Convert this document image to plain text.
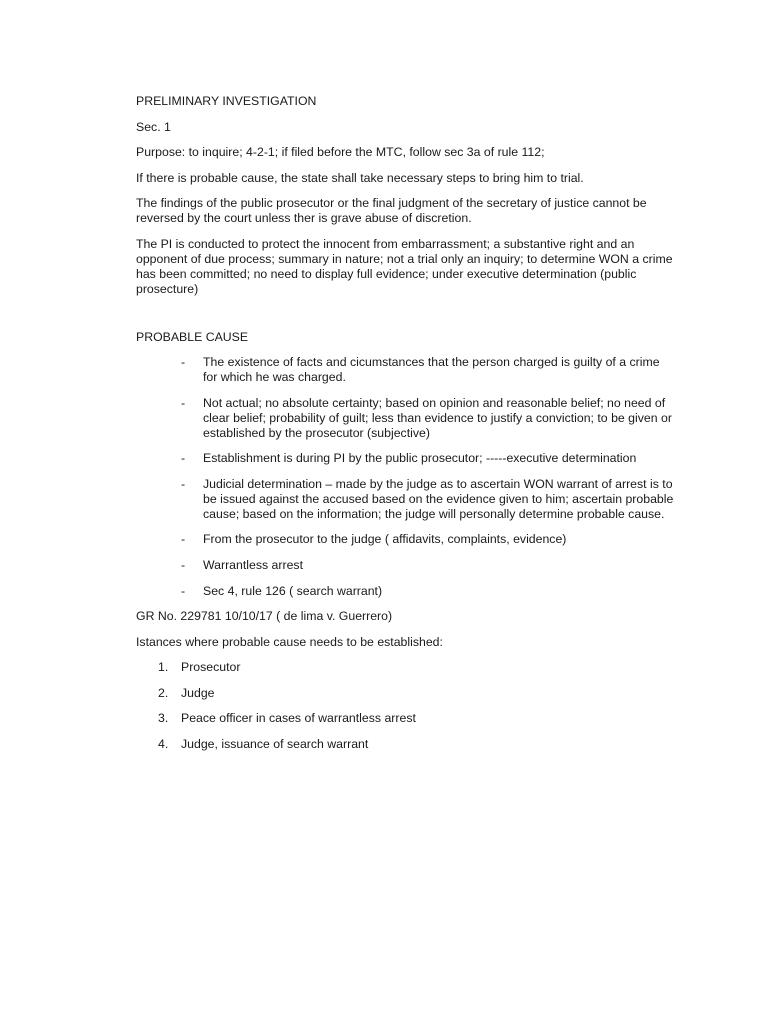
PRELIMINARY INVESTIGATION

Sec. 1

Purpose: to inquire; 4-2-1; if filed before the MTC, follow sec 3a of rule 112;

If there is probable cause, the state shall take necessary steps to bring him to trial.

The findings of the public prosecutor or the final judgment of the secretary of justice cannot be reversed by the court unless ther is grave abuse of discretion.

The PI is conducted to protect the innocent from embarrassment; a substantive right and an opponent of due process; summary in nature; not a trial only an inquiry; to determine WON a crime has been committed; no need to display full evidence; under executive determination (public prosecture)

PROBABLE CAUSE

- The existence of facts and cicumstances that the person charged is guilty of a crime for which he was charged.
- Not actual; no absolute certainty; based on opinion and reasonable belief; no need of clear belief; probability of guilt; less than evidence to justify a conviction; to be given or established by the prosecutor (subjective)
- Establishment is during PI by the public prosecutor; -----executive determination
- Judicial determination – made by the judge as to ascertain WON warrant of arrest is to be issued against the accused based on the evidence given to him; ascertain probable cause; based on the information; the judge will personally determine probable cause.
- From the prosecutor to the judge ( affidavits, complaints, evidence)
- Warrantless arrest
- Sec 4, rule 126 ( search warrant)

GR No. 229781 10/10/17 ( de lima v. Guerrero)

Istances where probable cause needs to be established:

1. Prosecutor
2. Judge
3. Peace officer in cases of warrantless arrest
4. Judge, issuance of search warrant
